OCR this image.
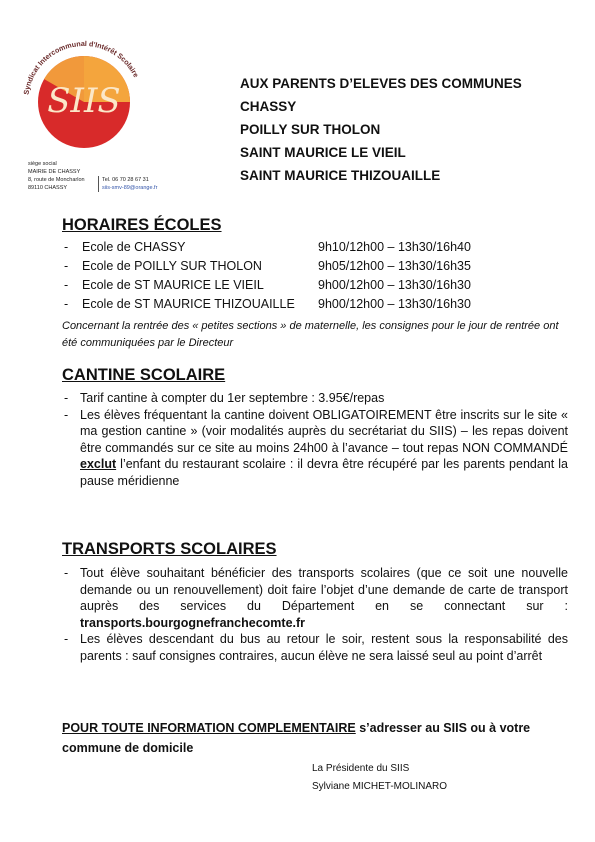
SIIS
Syndicat Intercommunal d'Intérêt Scolaire
siège social
MAIRIE DE CHASSY
8, route de Moncharlon
89110 CHASSY
Tel. 06 70 28 67 31
siis-smv-89@orange.fr
AUX PARENTS D’ELEVES DES COMMUNES
CHASSY
POILLY SUR THOLON
SAINT MAURICE LE VIEIL
SAINT MAURICE THIZOUAILLE
HORAIRES ÉCOLES
- Ecole de CHASSY	9h10/12h00 – 13h30/16h40
- Ecole de POILLY SUR THOLON	9h05/12h00 – 13h30/16h35
- Ecole de ST MAURICE LE VIEIL	9h00/12h00 – 13h30/16h30
- Ecole de ST MAURICE THIZOUAILLE 9h00/12h00 – 13h30/16h30
Concernant la rentrée des « petites sections » de maternelle, les consignes pour le jour de rentrée ont été communiquées par le Directeur
CANTINE SCOLAIRE
- Tarif cantine à compter du 1er septembre : 3.95€/repas
- Les élèves fréquentant la cantine doivent OBLIGATOIREMENT être inscrits sur le site « ma gestion cantine » (voir modalités auprès du secrétariat du SIIS) – les repas doivent être commandés sur ce site au moins 24h00 à l’avance – tout repas NON COMMANDÉ exclut l’enfant du restaurant scolaire : il devra être récupéré par les parents pendant la pause méridienne
TRANSPORTS SCOLAIRES
- Tout élève souhaitant bénéficier des transports scolaires (que ce soit une nouvelle demande ou un renouvellement) doit faire l’objet d’une demande de carte de transport auprès des services du Département en se connectant sur : transports.bourgognefranchecomte.fr
- Les élèves descendant du bus au retour le soir, restent sous la responsabilité des parents : sauf consignes contraires, aucun élève ne sera laissé seul au point d’arrêt
POUR TOUTE INFORMATION COMPLEMENTAIRE s’adresser au SIIS ou à votre commune de domicile
La Présidente du SIIS
Sylviane MICHET-MOLINARO
